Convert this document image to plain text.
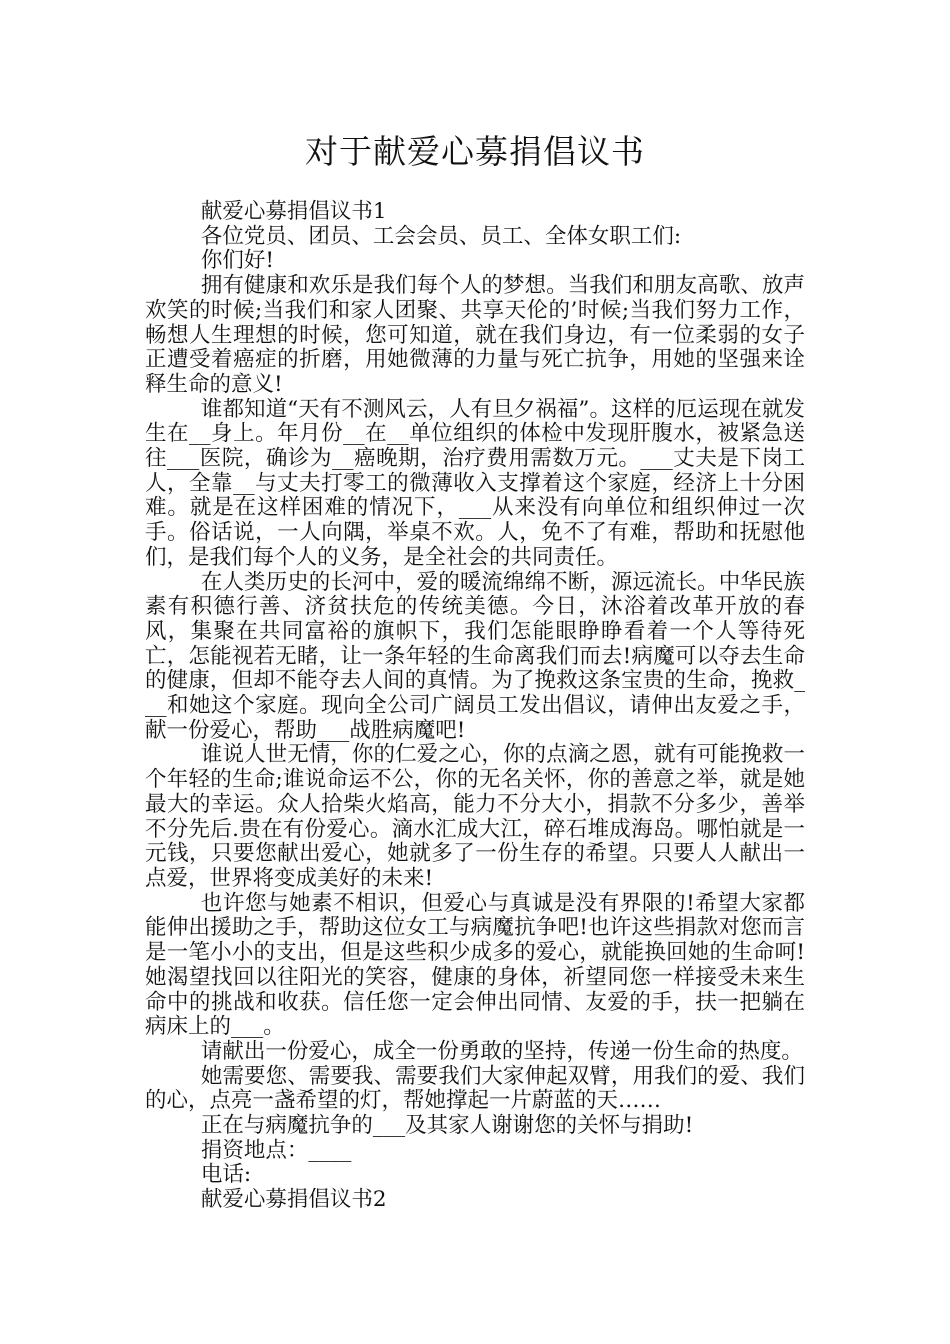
对于献爱心募捐倡议书

献爱心募捐倡议书1

各位党员、团员、工会会员、员工、全体女职工们:

你们好!

拥有健康和欢乐是我们每个人的梦想。当我们和朋友高歌、放声欢笑的时候;当我们和家人团聚、共享天伦的’时候;当我们努力工作，畅想人生理想的时候，您可知道，就在我们身边，有一位柔弱的女子正遭受着癌症的折磨，用她微薄的力量与死亡抗争，用她的坚强来诠释生命的意义!

谁都知道“天有不测风云，人有旦夕祸福”。这样的厄运现在就发生在__身上。年月份__在__单位组织的体检中发现肝腹水，被紧急送往___医院，确诊为__癌晚期，治疗费用需数万元。___丈夫是下岗工人，全靠__与丈夫打零工的微薄收入支撑着这个家庭，经济上十分困难。就是在这样困难的情况下，___从来没有向单位和组织伸过一次手。俗话说，一人向隅，举桌不欢。人，免不了有难，帮助和抚慰他们，是我们每个人的义务，是全社会的共同责任。

在人类历史的长河中，爱的暖流绵绵不断，源远流长。中华民族素有积德行善、济贫扶危的传统美德。今日，沐浴着改革开放的春风，集聚在共同富裕的旗帜下，我们怎能眼睁睁看着一个人等待死亡，怎能视若无睹，让一条年轻的生命离我们而去!病魔可以夺去生命的健康，但却不能夺去人间的真情。为了挽救这条宝贵的生命，挽救___和她这个家庭。现向全公司广阔员工发出倡议，请伸出友爱之手，献一份爱心，帮助___战胜病魔吧!

谁说人世无情，你的仁爱之心，你的点滴之恩，就有可能挽救一个年轻的生命;谁说命运不公，你的无名关怀，你的善意之举，就是她最大的幸运。众人拾柴火焰高，能力不分大小，捐款不分多少，善举不分先后.贵在有份爱心。滴水汇成大江，碎石堆成海岛。哪怕就是一元钱，只要您献出爱心，她就多了一份生存的希望。只要人人献出一点爱，世界将变成美好的未来!

也许您与她素不相识，但爱心与真诚是没有界限的!希望大家都能伸出援助之手，帮助这位女工与病魔抗争吧!也许这些捐款对您而言是一笔小小的支出，但是这些积少成多的爱心，就能换回她的生命呵!她渴望找回以往阳光的笑容，健康的身体，祈望同您一样接受未来生命中的挑战和收获。信任您一定会伸出同情、友爱的手，扶一把躺在病床上的___。

请献出一份爱心，成全一份勇敢的坚持，传递一份生命的热度。

她需要您、需要我、需要我们大家伸起双臂，用我们的爱、我们的心，点亮一盏希望的灯，帮她撑起一片蔚蓝的天……

正在与病魔抗争的___及其家人谢谢您的关怀与捐助!

捐资地点：____

电话:

献爱心募捐倡议书2
